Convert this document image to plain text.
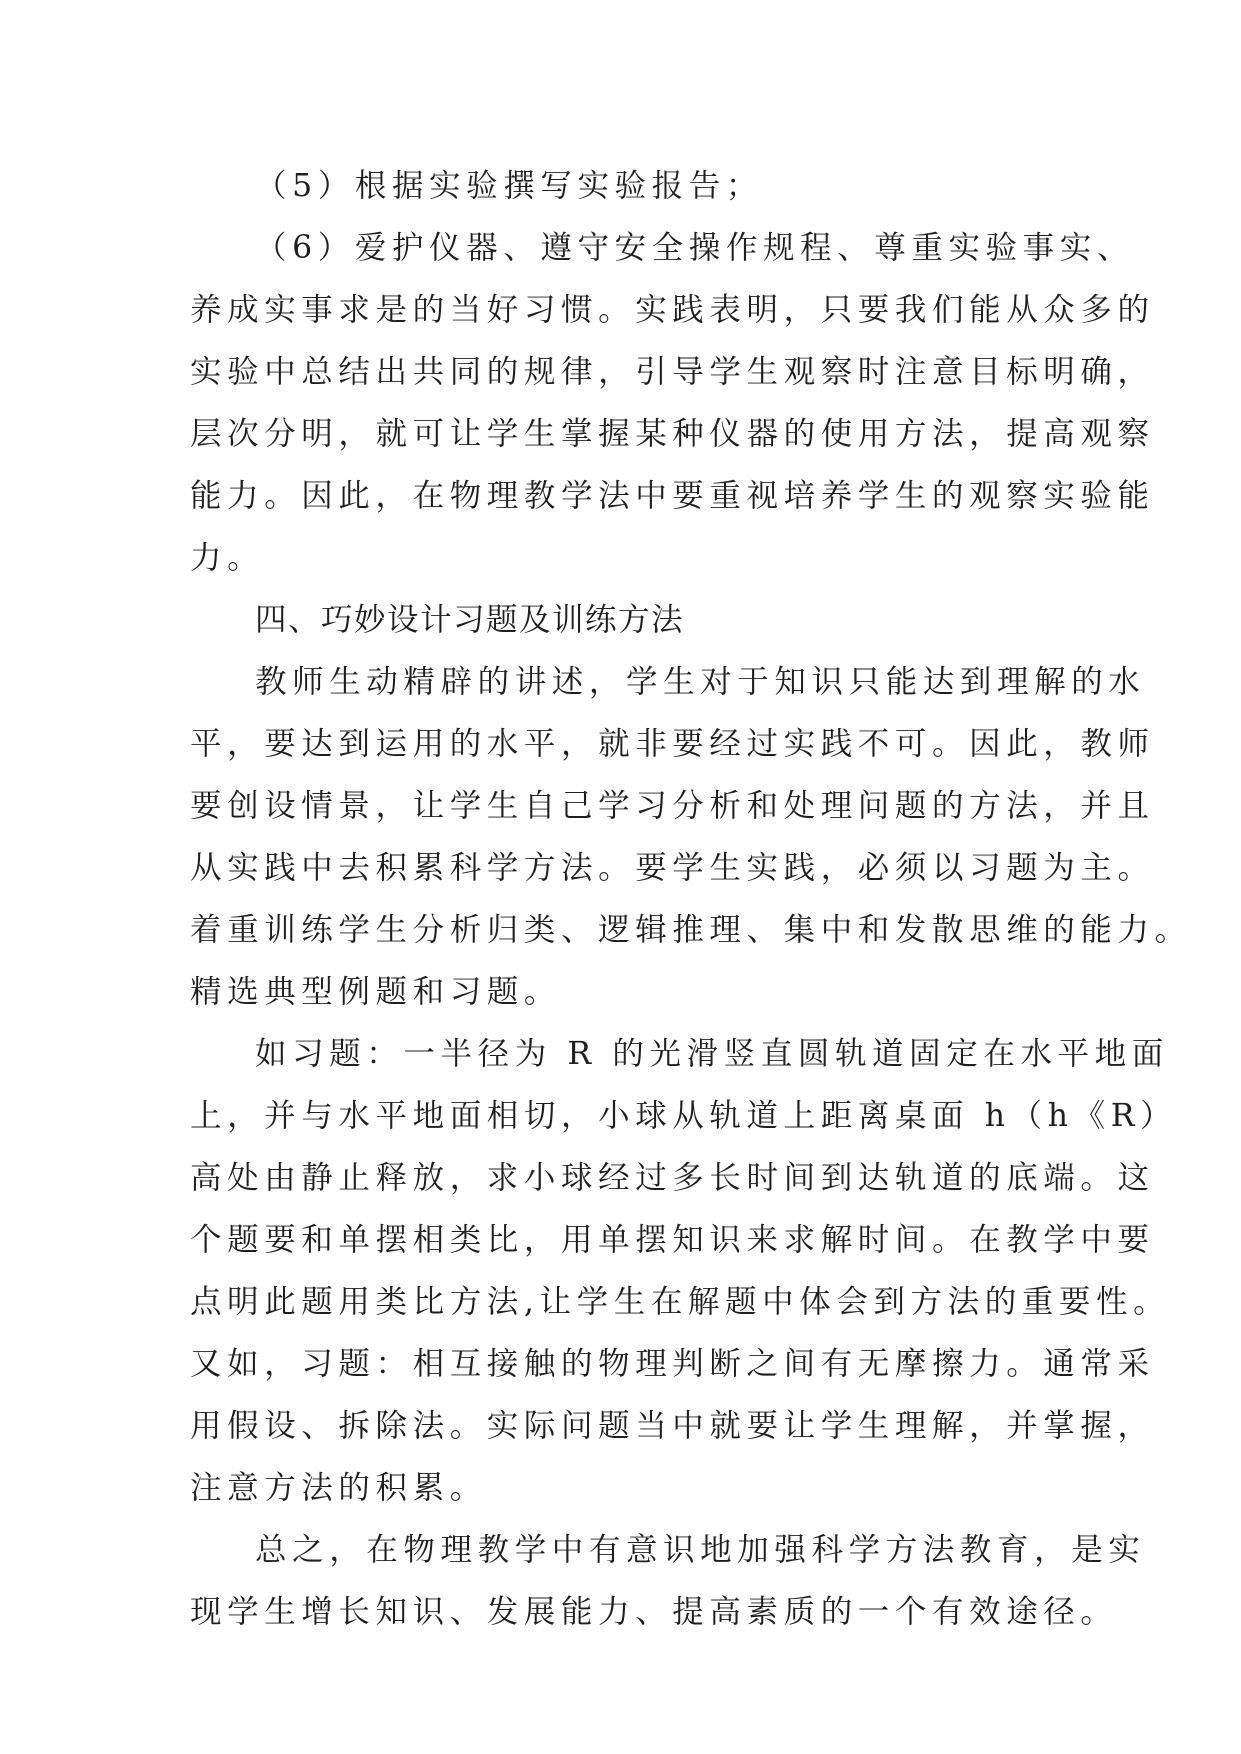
（5）根据实验撰写实验报告；
（6）爱护仪器、遵守安全操作规程、尊重实验事实、
养成实事求是的当好习惯。实践表明，只要我们能从众多的
实验中总结出共同的规律，引导学生观察时注意目标明确，
层次分明，就可让学生掌握某种仪器的使用方法，提高观察
能力。因此，在物理教学法中要重视培养学生的观察实验能
力。
四、巧妙设计习题及训练方法
教师生动精辟的讲述，学生对于知识只能达到理解的水
平，要达到运用的水平，就非要经过实践不可。因此，教师
要创设情景，让学生自己学习分析和处理问题的方法，并且
从实践中去积累科学方法。要学生实践，必须以习题为主。
着重训练学生分析归类、逻辑推理、集中和发散思维的能力。
精选典型例题和习题。
如习题：一半径为 R 的光滑竖直圆轨道固定在水平地面
上，并与水平地面相切，小球从轨道上距离桌面 h（h《R）
高处由静止释放，求小球经过多长时间到达轨道的底端。这
个题要和单摆相类比，用单摆知识来求解时间。在教学中要
点明此题用类比方法,让学生在解题中体会到方法的重要性。
又如，习题：相互接触的物理判断之间有无摩擦力。通常采
用假设、拆除法。实际问题当中就要让学生理解，并掌握，
注意方法的积累。
总之，在物理教学中有意识地加强科学方法教育，是实
现学生增长知识、发展能力、提高素质的一个有效途径。
